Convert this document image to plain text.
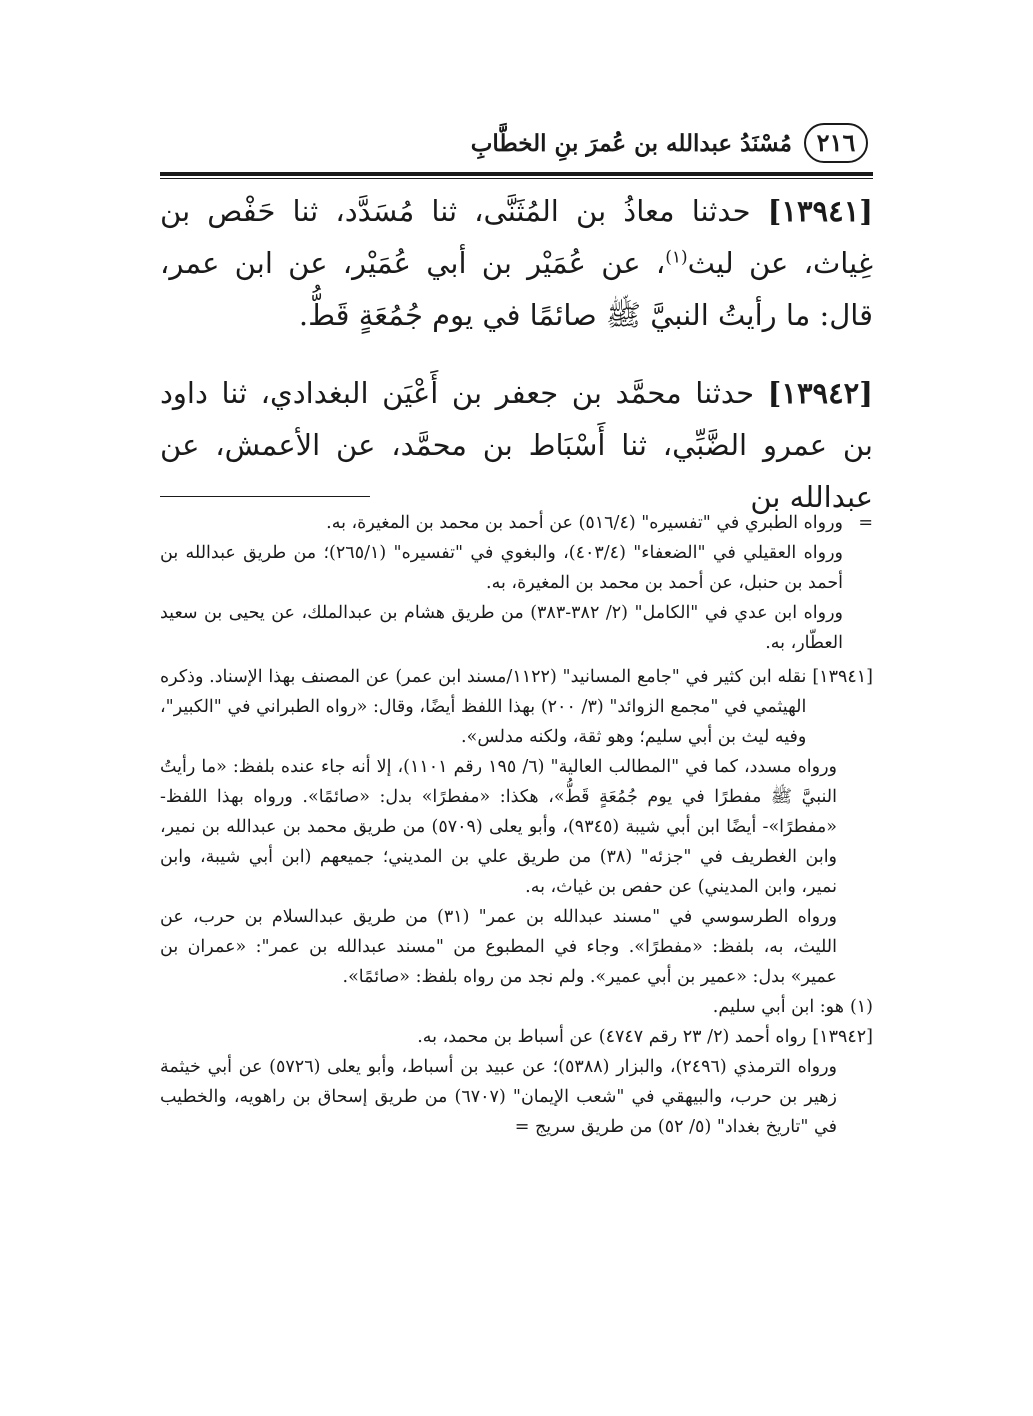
٢١٦
مُسْنَدُ عبدالله بن عُمرَ بنِ الخطَّابِ

[١٣٩٤١] حدثنا معاذُ بن المُثَنَّى، ثنا مُسَدَّد، ثنا حَفْص بن غِياث، عن ليث$^{(١)}$، عن عُمَيْر بن أبي عُمَيْر، عن ابن عمر، قال: ما رأيتُ النبيَّ ﷺ صائمًا في يوم جُمُعَةٍ قَطُّ.

[١٣٩٤٢] حدثنا محمَّد بن جعفر بن أَعْيَن البغدادي، ثنا داود بن عمرو الضَّبِّي، ثنا أَسْبَاط بن محمَّد، عن الأعمش، عن عبدالله بن

=

ورواه الطبري في "تفسيره" (٥١٦/٤) عن أحمد بن محمد بن المغيرة، به.

ورواه العقيلي في "الضعفاء" (٤٠٣/٤)، والبغوي في "تفسيره" (٢٦٥/١)؛ من طريق عبدالله بن أحمد بن حنبل، عن أحمد بن محمد بن المغيرة، به.

ورواه ابن عدي في "الكامل" (٢/ ٣٨٢-٣٨٣) من طريق هشام بن عبدالملك، عن يحيى بن سعيد العطّار، به.

[١٣٩٤١]

نقله ابن كثير في "جامع المسانيد" (١١٢٢/مسند ابن عمر) عن المصنف بهذا الإسناد. وذكره الهيثمي في "مجمع الزوائد" (٣/ ٢٠٠) بهذا اللفظ أيضًا، وقال: «رواه الطبراني في "الكبير"، وفيه ليث بن أبي سليم؛ وهو ثقة، ولكنه مدلس».

ورواه مسدد، كما في "المطالب العالية" (٦/ ١٩٥ رقم ١١٠١)، إلا أنه جاء عنده بلفظ: «ما رأيتُ النبيَّ ﷺ مفطرًا في يوم جُمُعَةٍ قَطُّ»، هكذا: «مفطرًا» بدل: «صائمًا». ورواه بهذا اللفظ- «مفطرًا»- أيضًا ابن أبي شيبة (٩٣٤٥)، وأبو يعلى (٥٧٠٩) من طريق محمد بن عبدالله بن نمير، وابن الغطريف في "جزئه" (٣٨) من طريق علي بن المديني؛ جميعهم (ابن أبي شيبة، وابن نمير، وابن المديني) عن حفص بن غياث، به.

ورواه الطرسوسي في "مسند عبدالله بن عمر" (٣١) من طريق عبدالسلام بن حرب، عن الليث، به، بلفظ: «مفطرًا». وجاء في المطبوع من "مسند عبدالله بن عمر": «عمران بن عمير» بدل: «عمير بن أبي عمير». ولم نجد من رواه بلفظ: «صائمًا».

(١)

هو: ابن أبي سليم.

[١٣٩٤٢]

رواه أحمد (٢/ ٢٣ رقم ٤٧٤٧) عن أسباط بن محمد، به.

ورواه الترمذي (٢٤٩٦)، والبزار (٥٣٨٨)؛ عن عبيد بن أسباط، وأبو يعلى (٥٧٢٦) عن أبي خيثمة زهير بن حرب، والبيهقي في "شعب الإيمان" (٦٧٠٧) من طريق إسحاق بن راهويه، والخطيب في "تاريخ بغداد" (٥/ ٥٢) من طريق سريج =
